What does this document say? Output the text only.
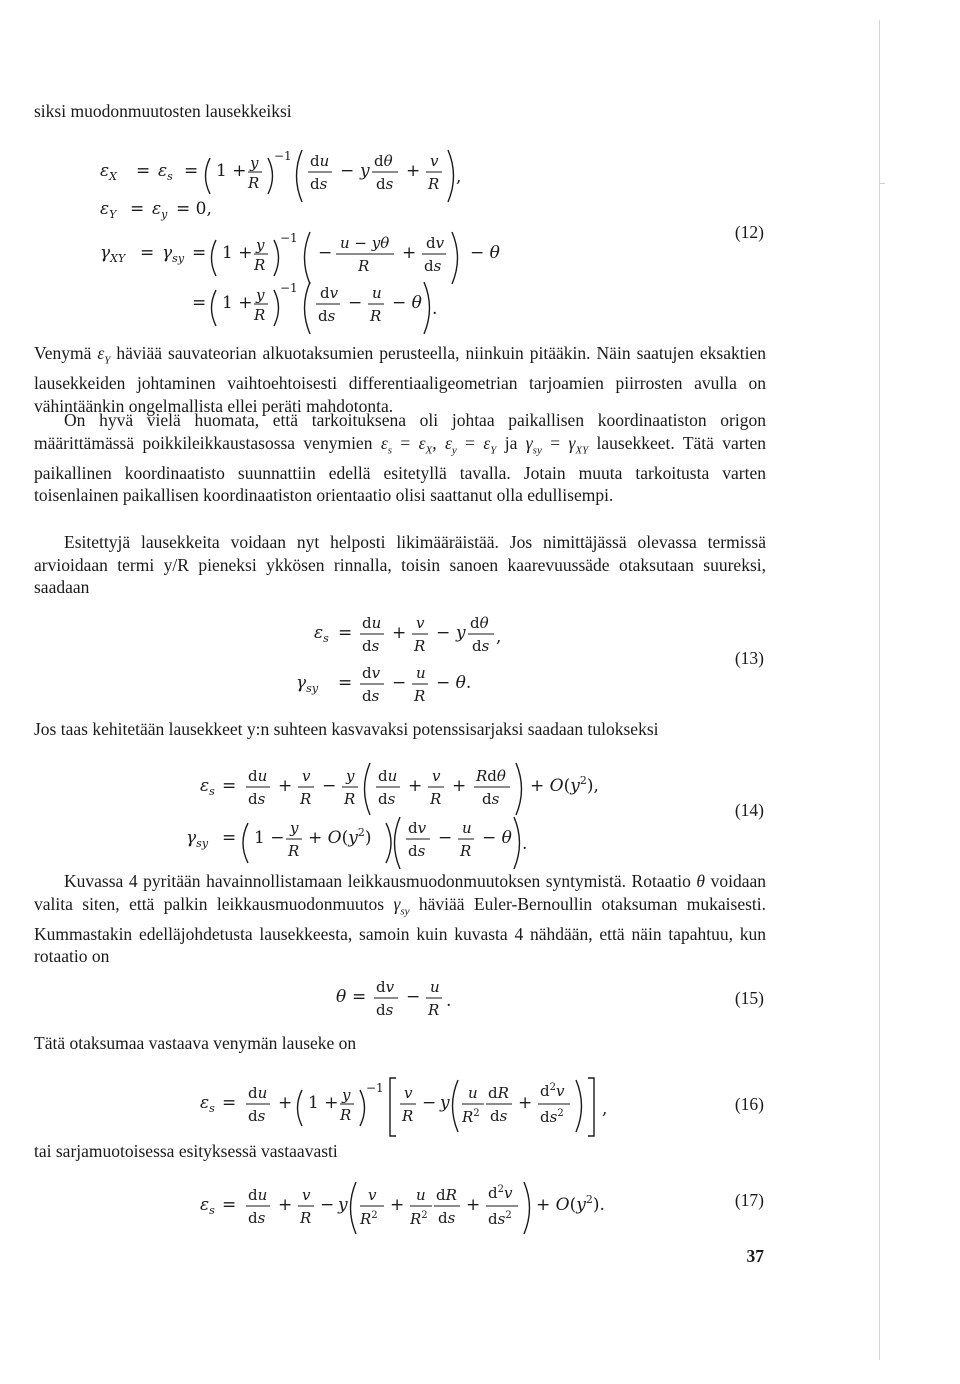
siksi muodonmuutosten lausekkeiksi
$\varepsilon_X = \varepsilon_s = 1 + y$
R
−1 du
ds
− y dθ
ds
+ v
R ,
$\varepsilon_Y = \varepsilon_y = 0$,
$\gamma_{XY} = \gamma_{sy} = 1 + y$
R
−1
− u − yθ
R
+ dv
ds
− θ
= 1 + y
R
−1 dv
ds
− u
R
− θ .
(12)
Venymä $\varepsilon_Y$ häviää sauvateorian alkuotaksumien perusteella, niinkuin pitääkin. Näin saatujen eksaktien lausekkeiden johtaminen vaihtoehtoisesti differentiaaligeometrian tarjoamien piirrosten avulla on vähintäänkin ongelmallista ellei peräti mahdotonta.
On hyvä vielä huomata, että tarkoituksena oli johtaa paikallisen koordinaatiston origon määrittämässä poikkileikkaustasossa venymien $\varepsilon_s = \varepsilon_X$, $\varepsilon_y = \varepsilon_Y$ ja $\gamma_{sy} = \gamma_{XY}$ lausekkeet. Tätä varten paikallinen koordinaatisto suunnattiin edellä esitetyllä tavalla. Jotain muuta tarkoitusta varten toisenlainen paikallisen koordinaatiston orientaatio olisi saattanut olla edullisempi.
Esitettyjä lausekkeita voidaan nyt helposti likimääräistää. Jos nimittäjässä olevassa termissä arvioidaan termi y/R pieneksi ykkösen rinnalla, toisin sanoen kaarevuussäde otaksutaan suureksi, saadaan
$\varepsilon_s$ = du
ds
+ v
R
− y dθ
ds ,
$\gamma_{sy}$ = dv
ds
− u
R
− θ.
(13)
Jos taas kehitetään lausekkeet y:n suhteen kasvavaksi potenssisarjaksi saadaan tulokseksi
$\varepsilon_s$ = du
ds
+ v
R
− y
R
du
ds
+ v
R
+ Rdθ
ds
+ $O(y^2)$,
$\gamma_{sy} = 1 - y$
R
+ $O(y^2)$ dv
ds
− u
R
− θ .
(14)
Kuvassa 4 pyritään havainnollistamaan leikkausmuodonmuutoksen syntymistä. Rotaatio θ voidaan valita siten, että palkin leikkausmuodonmuutos $\gamma_{sy}$ häviää Euler-Bernoullin otaksuman mukaisesti. Kummastakin edelläjohdetusta lausekkeesta, samoin kuin kuvasta 4 nähdään, että näin tapahtuu, kun rotaatio on
θ = dv
ds
− u
R .	(15)
Tätä otaksumaa vastaava venymän lauseke on
$\varepsilon_s$ = du
ds
+ 1 + y
R
−1 v
R
− y u
$R^2$
dR
ds
+
$d^2v$
$ds^2$ ,	(16)
tai sarjamuotoisessa esityksessä vastaavasti
$\varepsilon_s$ = du
ds
+ v
R
− y v
$R^2$
+ u
$R^2$
dR
ds
+
$d^2v$
$ds^2$
+ $O(y^2)$.	(17)
37
